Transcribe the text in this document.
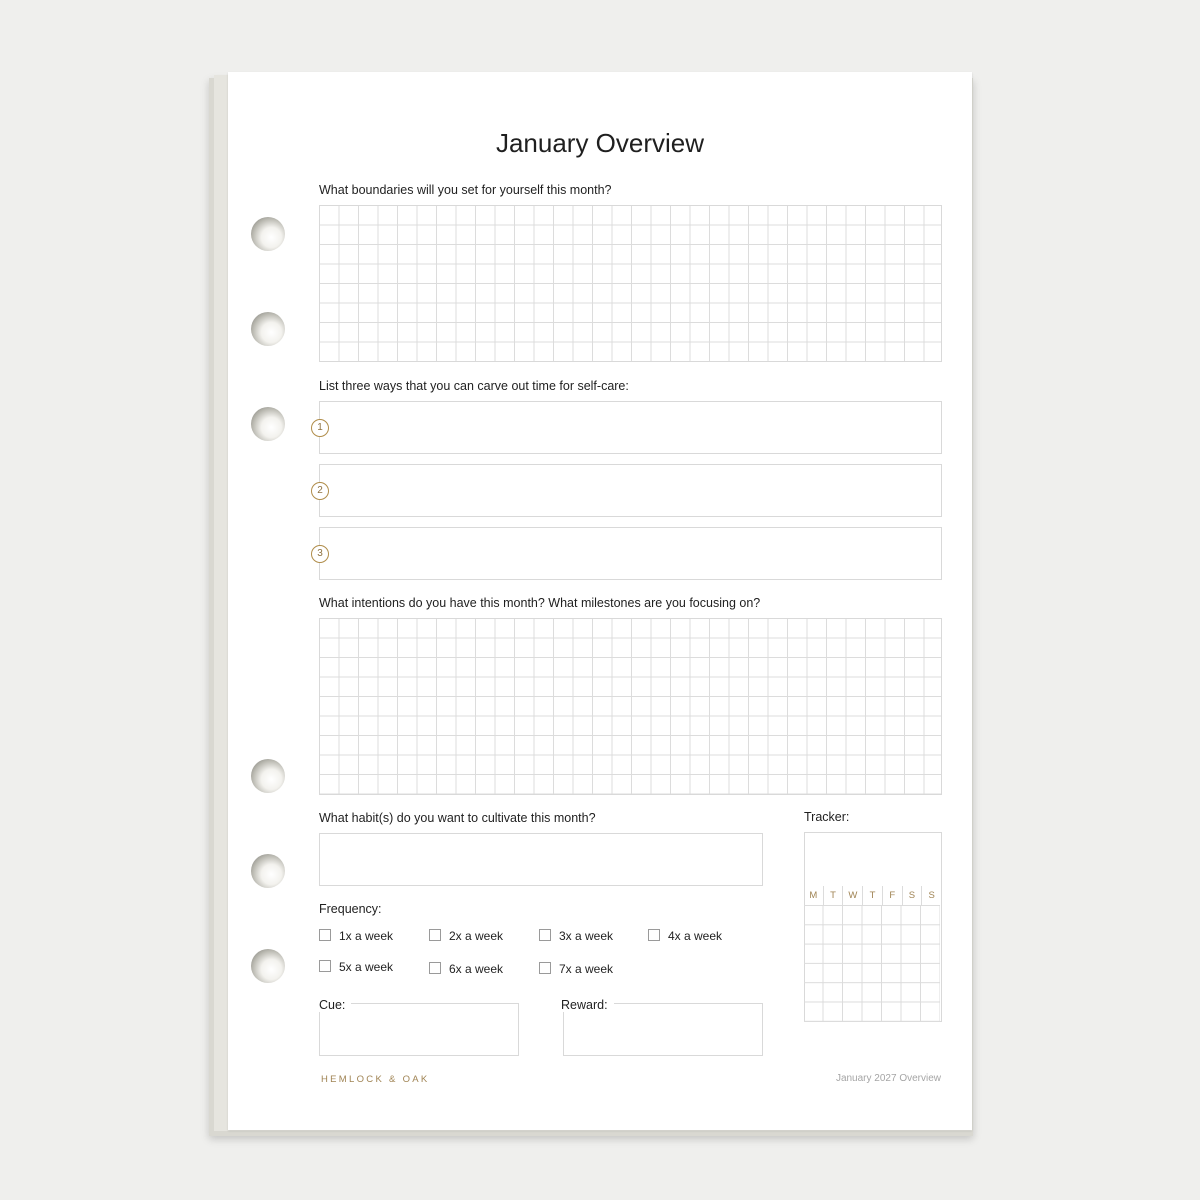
January Overview
What boundaries will you set for yourself this month?
List three ways that you can carve out time for self-care:
1
2
3
What intentions do you have this month? What milestones are you focusing on?
What habit(s) do you want to cultivate this month?	Tracker:
M	T	W	T	F	S	S
Frequency:
1x a week	2x a week	3x a week	4x a week
5x a week	6x a week	7x a week
Cue:	Reward:
HEMLOCK & OAK	January 2027 Overview
